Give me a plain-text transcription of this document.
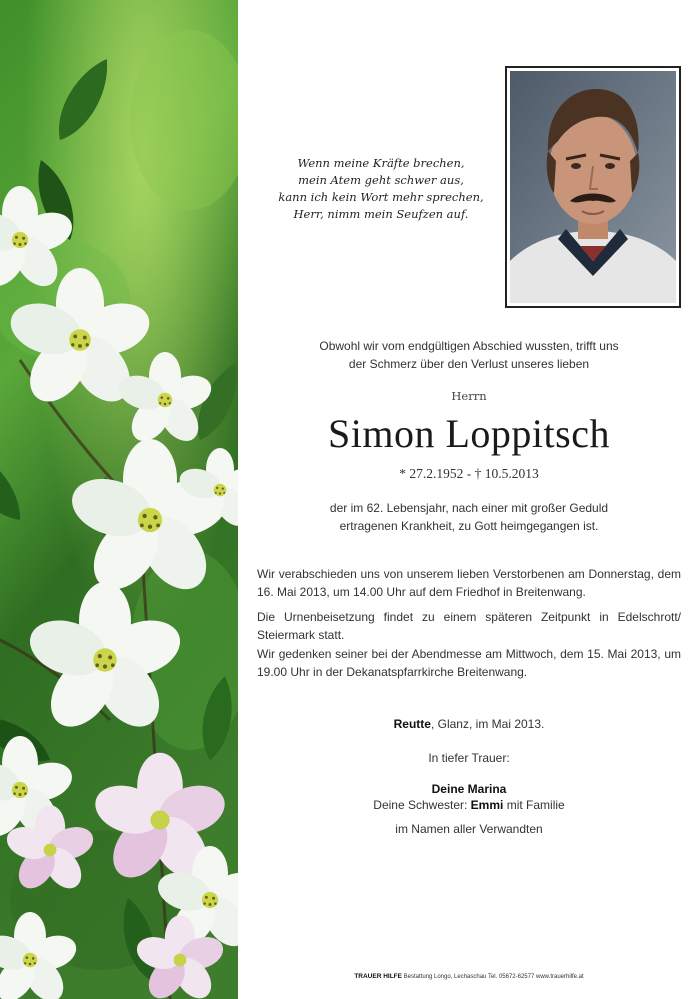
Wenn meine Kräfte brechen,
mein Atem geht schwer aus,
kann ich kein Wort mehr sprechen,
Herr, nimm mein Seufzen auf.
Obwohl wir vom endgültigen Abschied wussten, trifft uns
der Schmerz über den Verlust unseres lieben
Herrn
Simon Loppitsch
* 27.2.1952 - † 10.5.2013
der im 62. Lebensjahr, nach einer mit großer Geduld
ertragenen Krankheit, zu Gott heimgegangen ist.
Wir verabschieden uns von unserem lieben Verstorbenen am Donnerstag, dem 16. Mai 2013, um 14.00 Uhr auf dem Friedhof in Breitenwang.
Die Urnenbeisetzung findet zu einem späteren Zeitpunkt in Edelschrott/ Steiermark statt.
Wir gedenken seiner bei der Abendmesse am Mittwoch, dem 15. Mai 2013, um 19.00 Uhr in der Dekanatspfarrkirche Breitenwang.
Reutte, Glanz, im Mai 2013.
In tiefer Trauer:
Deine Marina
Deine Schwester: Emmi mit Familie
im Namen aller Verwandten
TRAUER HILFE Bestattung Longo, Lechaschau Tel. 05672-62577 www.trauerhilfe.at
